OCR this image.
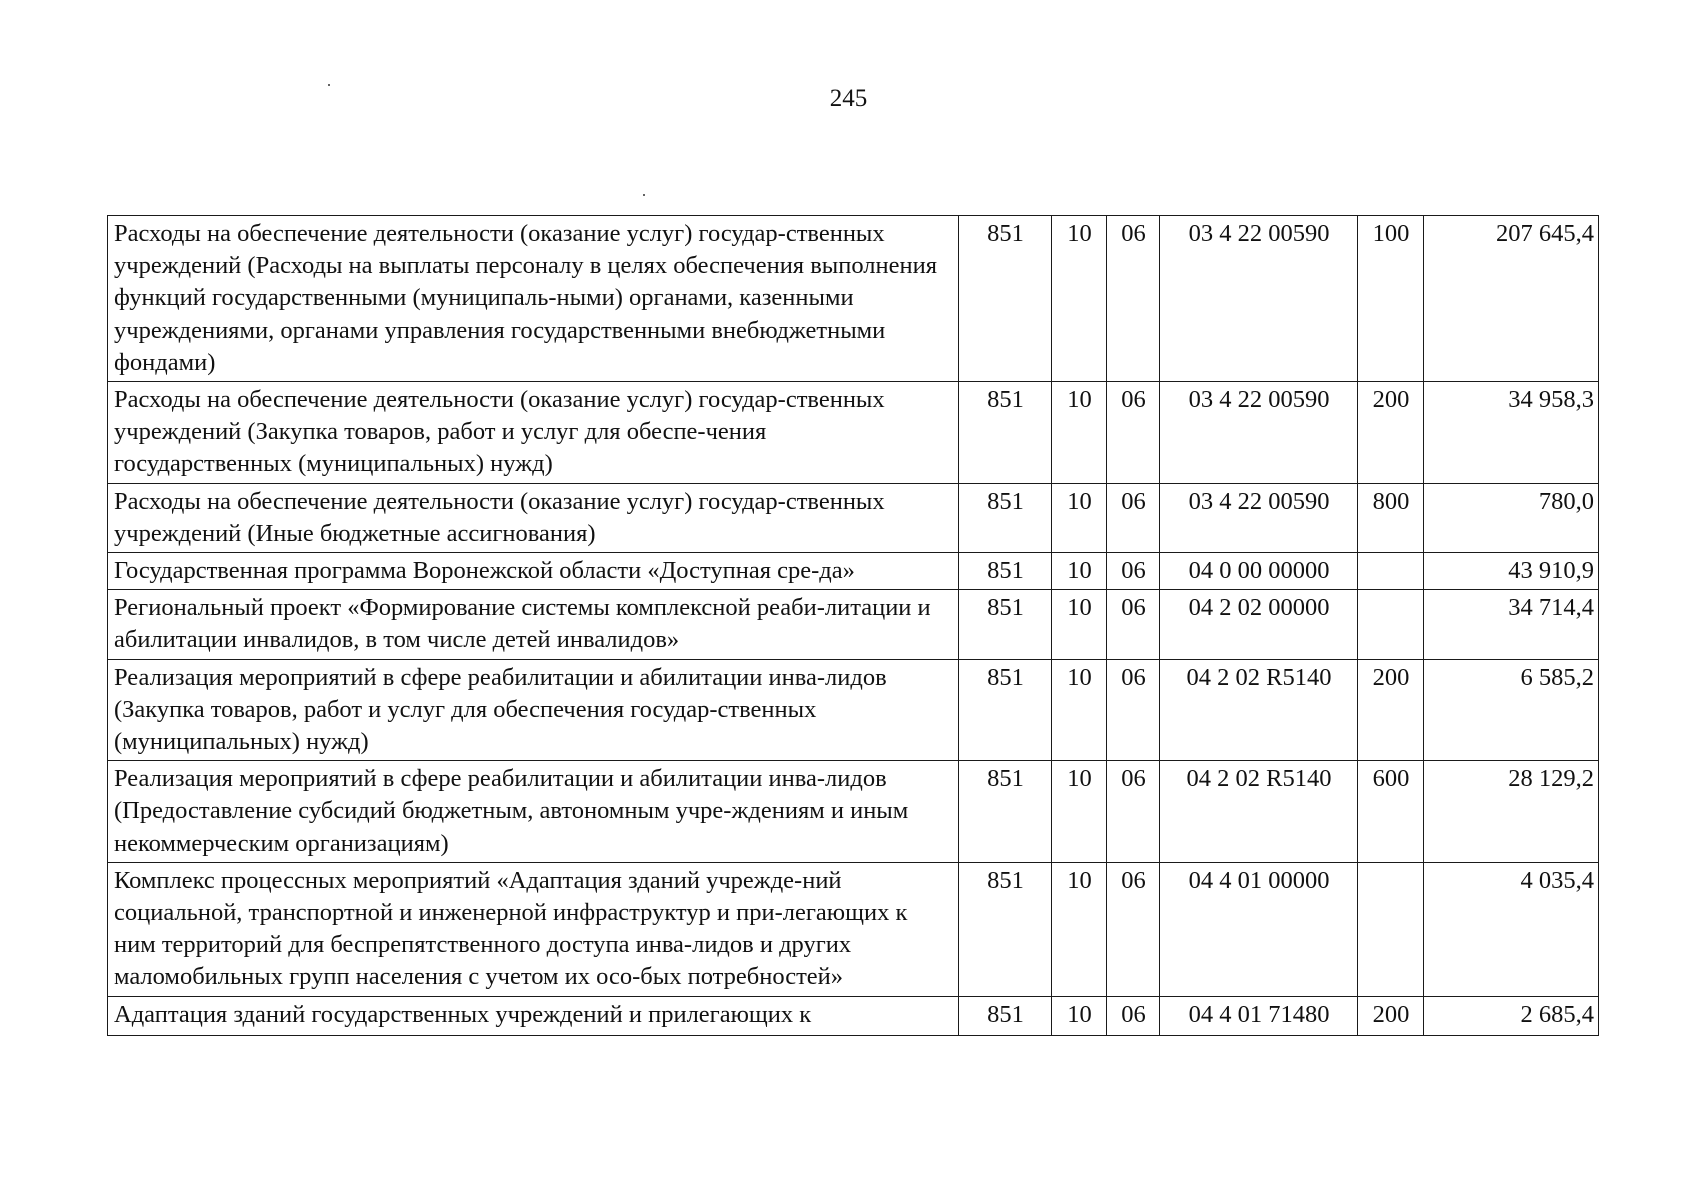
245
Расходы на обеспечение деятельности (оказание услуг) государ-ственных учреждений (Расходы на выплаты персоналу в целях обеспечения выполнения функций государственными (муниципаль-ными) органами, казенными учреждениями, органами управления государственными внебюджетными фондами)	851	10	06	03 4 22 00590	100	207 645,4
Расходы на обеспечение деятельности (оказание услуг) государ-ственных учреждений (Закупка товаров, работ и услуг для обеспе-чения государственных (муниципальных) нужд)	851	10	06	03 4 22 00590	200	34 958,3
Расходы на обеспечение деятельности (оказание услуг) государ-ственных учреждений (Иные бюджетные ассигнования)	851	10	06	03 4 22 00590	800	780,0
Государственная программа Воронежской области «Доступная сре-да»	851	10	06	04 0 00 00000		43 910,9
Региональный проект «Формирование системы комплексной реаби-литации и абилитации инвалидов, в том числе детей инвалидов»	851	10	06	04 2 02 00000		34 714,4
Реализация мероприятий в сфере реабилитации и абилитации инва-лидов (Закупка товаров, работ и услуг для обеспечения государ-ственных (муниципальных) нужд)	851	10	06	04 2 02 R5140	200	6 585,2
Реализация мероприятий в сфере реабилитации и абилитации инва-лидов (Предоставление субсидий бюджетным, автономным учре-ждениям и иным некоммерческим организациям)	851	10	06	04 2 02 R5140	600	28 129,2
Комплекс процессных мероприятий «Адаптация зданий учрежде-ний социальной, транспортной и инженерной инфраструктур и при-легающих к ним территорий для беспрепятственного доступа инва-лидов и других маломобильных групп населения с учетом их осо-бых потребностей»	851	10	06	04 4 01 00000		4 035,4
Адаптация зданий государственных учреждений и прилегающих к	851	10	06	04 4 01 71480	200	2 685,4
